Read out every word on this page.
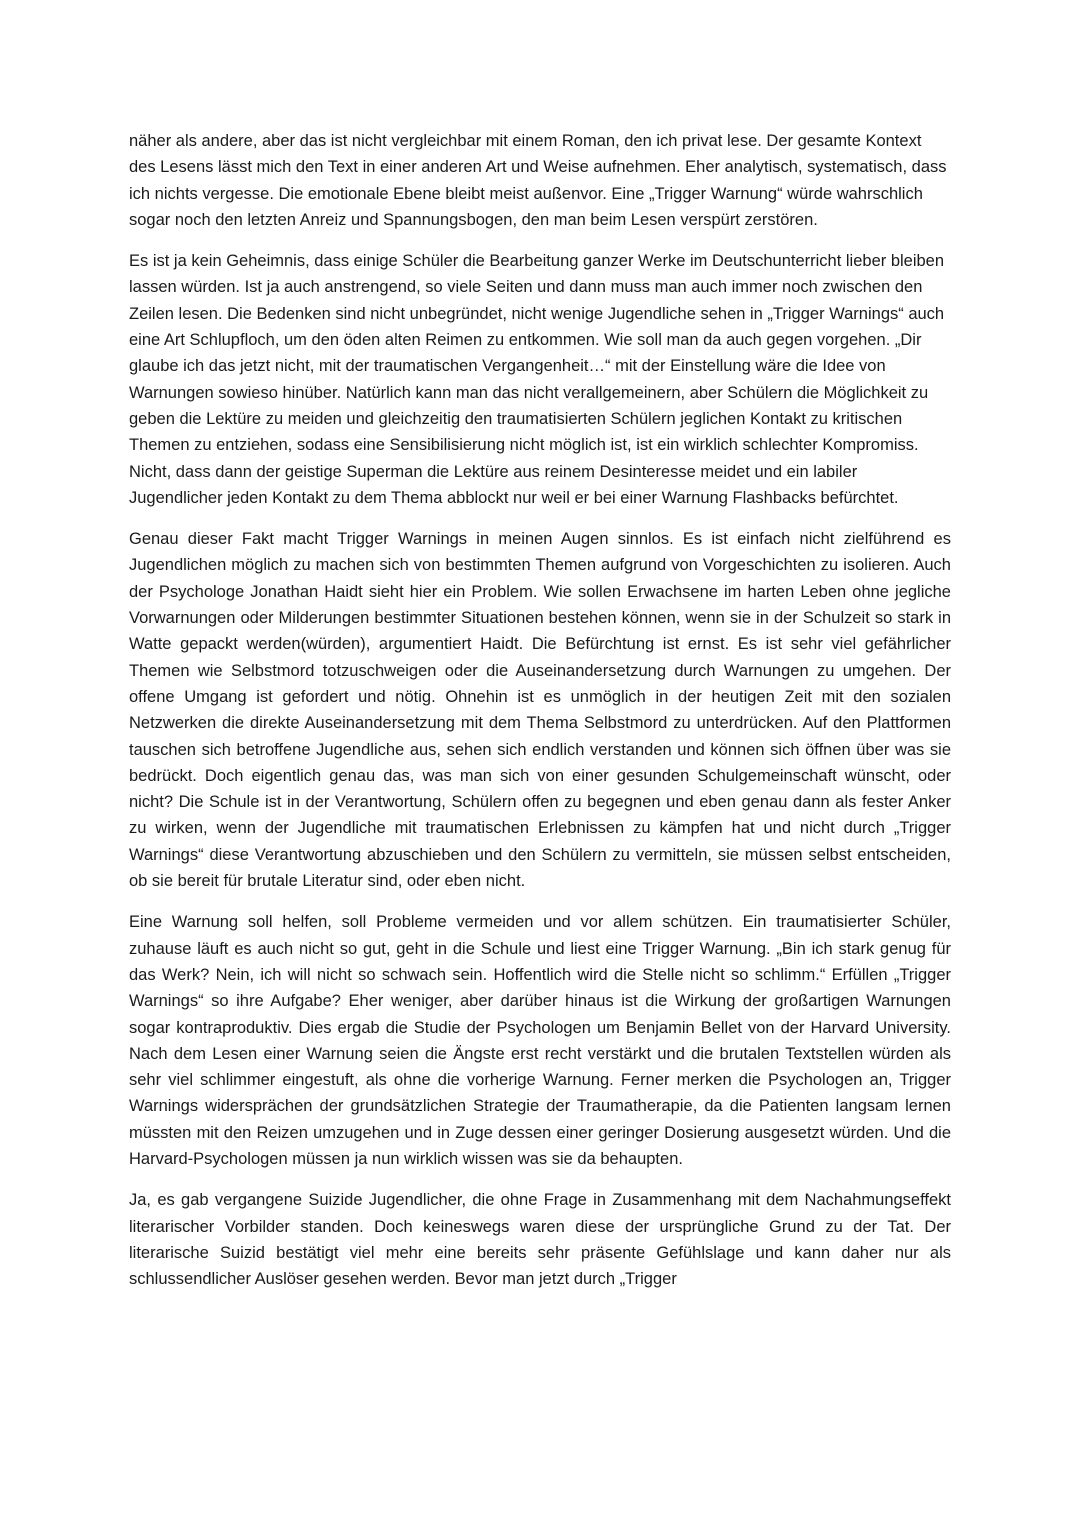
näher als andere, aber das ist nicht vergleichbar mit einem Roman, den ich privat lese. Der gesamte Kontext des Lesens lässt mich den Text in einer anderen Art und Weise aufnehmen. Eher analytisch, systematisch, dass ich nichts vergesse. Die emotionale Ebene bleibt meist außenvor. Eine „Trigger Warnung“ würde wahrschlich sogar noch den letzten Anreiz und Spannungsbogen, den man beim Lesen verspürt zerstören.

Es ist ja kein Geheimnis, dass einige Schüler die Bearbeitung ganzer Werke im Deutschunterricht lieber bleiben lassen würden. Ist ja auch anstrengend, so viele Seiten und dann muss man auch immer noch zwischen den Zeilen lesen. Die Bedenken sind nicht unbegründet, nicht wenige Jugendliche sehen in „Trigger Warnings“ auch eine Art Schlupfloch, um den öden alten Reimen zu entkommen. Wie soll man da auch gegen vorgehen. „Dir glaube ich das jetzt nicht, mit der traumatischen Vergangenheit…“ mit der Einstellung wäre die Idee von Warnungen sowieso hinüber. Natürlich kann man das nicht verallgemeinern, aber Schülern die Möglichkeit zu geben die Lektüre zu meiden und gleichzeitig den traumatisierten Schülern jeglichen Kontakt zu kritischen Themen zu entziehen, sodass eine Sensibilisierung nicht möglich ist, ist ein wirklich schlechter Kompromiss. Nicht, dass dann der geistige Superman die Lektüre aus reinem Desinteresse meidet und ein labiler Jugendlicher jeden Kontakt zu dem Thema abblockt nur weil er bei einer Warnung Flashbacks befürchtet.

Genau dieser Fakt macht Trigger Warnings in meinen Augen sinnlos. Es ist einfach nicht zielführend es Jugendlichen möglich zu machen sich von bestimmten Themen aufgrund von Vorgeschichten zu isolieren. Auch der Psychologe Jonathan Haidt sieht hier ein Problem. Wie sollen Erwachsene im harten Leben ohne jegliche Vorwarnungen oder Milderungen bestimmter Situationen bestehen können, wenn sie in der Schulzeit so stark in Watte gepackt werden(würden), argumentiert Haidt. Die Befürchtung ist ernst. Es ist sehr viel gefährlicher Themen wie Selbstmord totzuschweigen oder die Auseinandersetzung durch Warnungen zu umgehen. Der offene Umgang ist gefordert und nötig. Ohnehin ist es unmöglich in der heutigen Zeit mit den sozialen Netzwerken die direkte Auseinandersetzung mit dem Thema Selbstmord zu unterdrücken. Auf den Plattformen tauschen sich betroffene Jugendliche aus, sehen sich endlich verstanden und können sich öffnen über was sie bedrückt. Doch eigentlich genau das, was man sich von einer gesunden Schulgemeinschaft wünscht, oder nicht? Die Schule ist in der Verantwortung, Schülern offen zu begegnen und eben genau dann als fester Anker zu wirken, wenn der Jugendliche mit traumatischen Erlebnissen zu kämpfen hat und nicht durch „Trigger Warnings“ diese Verantwortung abzuschieben und den Schülern zu vermitteln, sie müssen selbst entscheiden, ob sie bereit für brutale Literatur sind, oder eben nicht.

Eine Warnung soll helfen, soll Probleme vermeiden und vor allem schützen. Ein traumatisierter Schüler, zuhause läuft es auch nicht so gut, geht in die Schule und liest eine Trigger Warnung. „Bin ich stark genug für das Werk? Nein, ich will nicht so schwach sein. Hoffentlich wird die Stelle nicht so schlimm.“ Erfüllen „Trigger Warnings“ so ihre Aufgabe? Eher weniger, aber darüber hinaus ist die Wirkung der großartigen Warnungen sogar kontraproduktiv. Dies ergab die Studie der Psychologen um Benjamin Bellet von der Harvard University. Nach dem Lesen einer Warnung seien die Ängste erst recht verstärkt und die brutalen Textstellen würden als sehr viel schlimmer eingestuft, als ohne die vorherige Warnung. Ferner merken die Psychologen an, Trigger Warnings widersprächen der grundsätzlichen Strategie der Traumatherapie, da die Patienten langsam lernen müssten mit den Reizen umzugehen und in Zuge dessen einer geringer Dosierung ausgesetzt würden. Und die Harvard-Psychologen müssen ja nun wirklich wissen was sie da behaupten.

Ja, es gab vergangene Suizide Jugendlicher, die ohne Frage in Zusammenhang mit dem Nachahmungseffekt literarischer Vorbilder standen. Doch keineswegs waren diese der ursprüngliche Grund zu der Tat. Der literarische Suizid bestätigt viel mehr eine bereits sehr präsente Gefühlslage und kann daher nur als schlussendlicher Auslöser gesehen werden. Bevor man jetzt durch „Trigger
